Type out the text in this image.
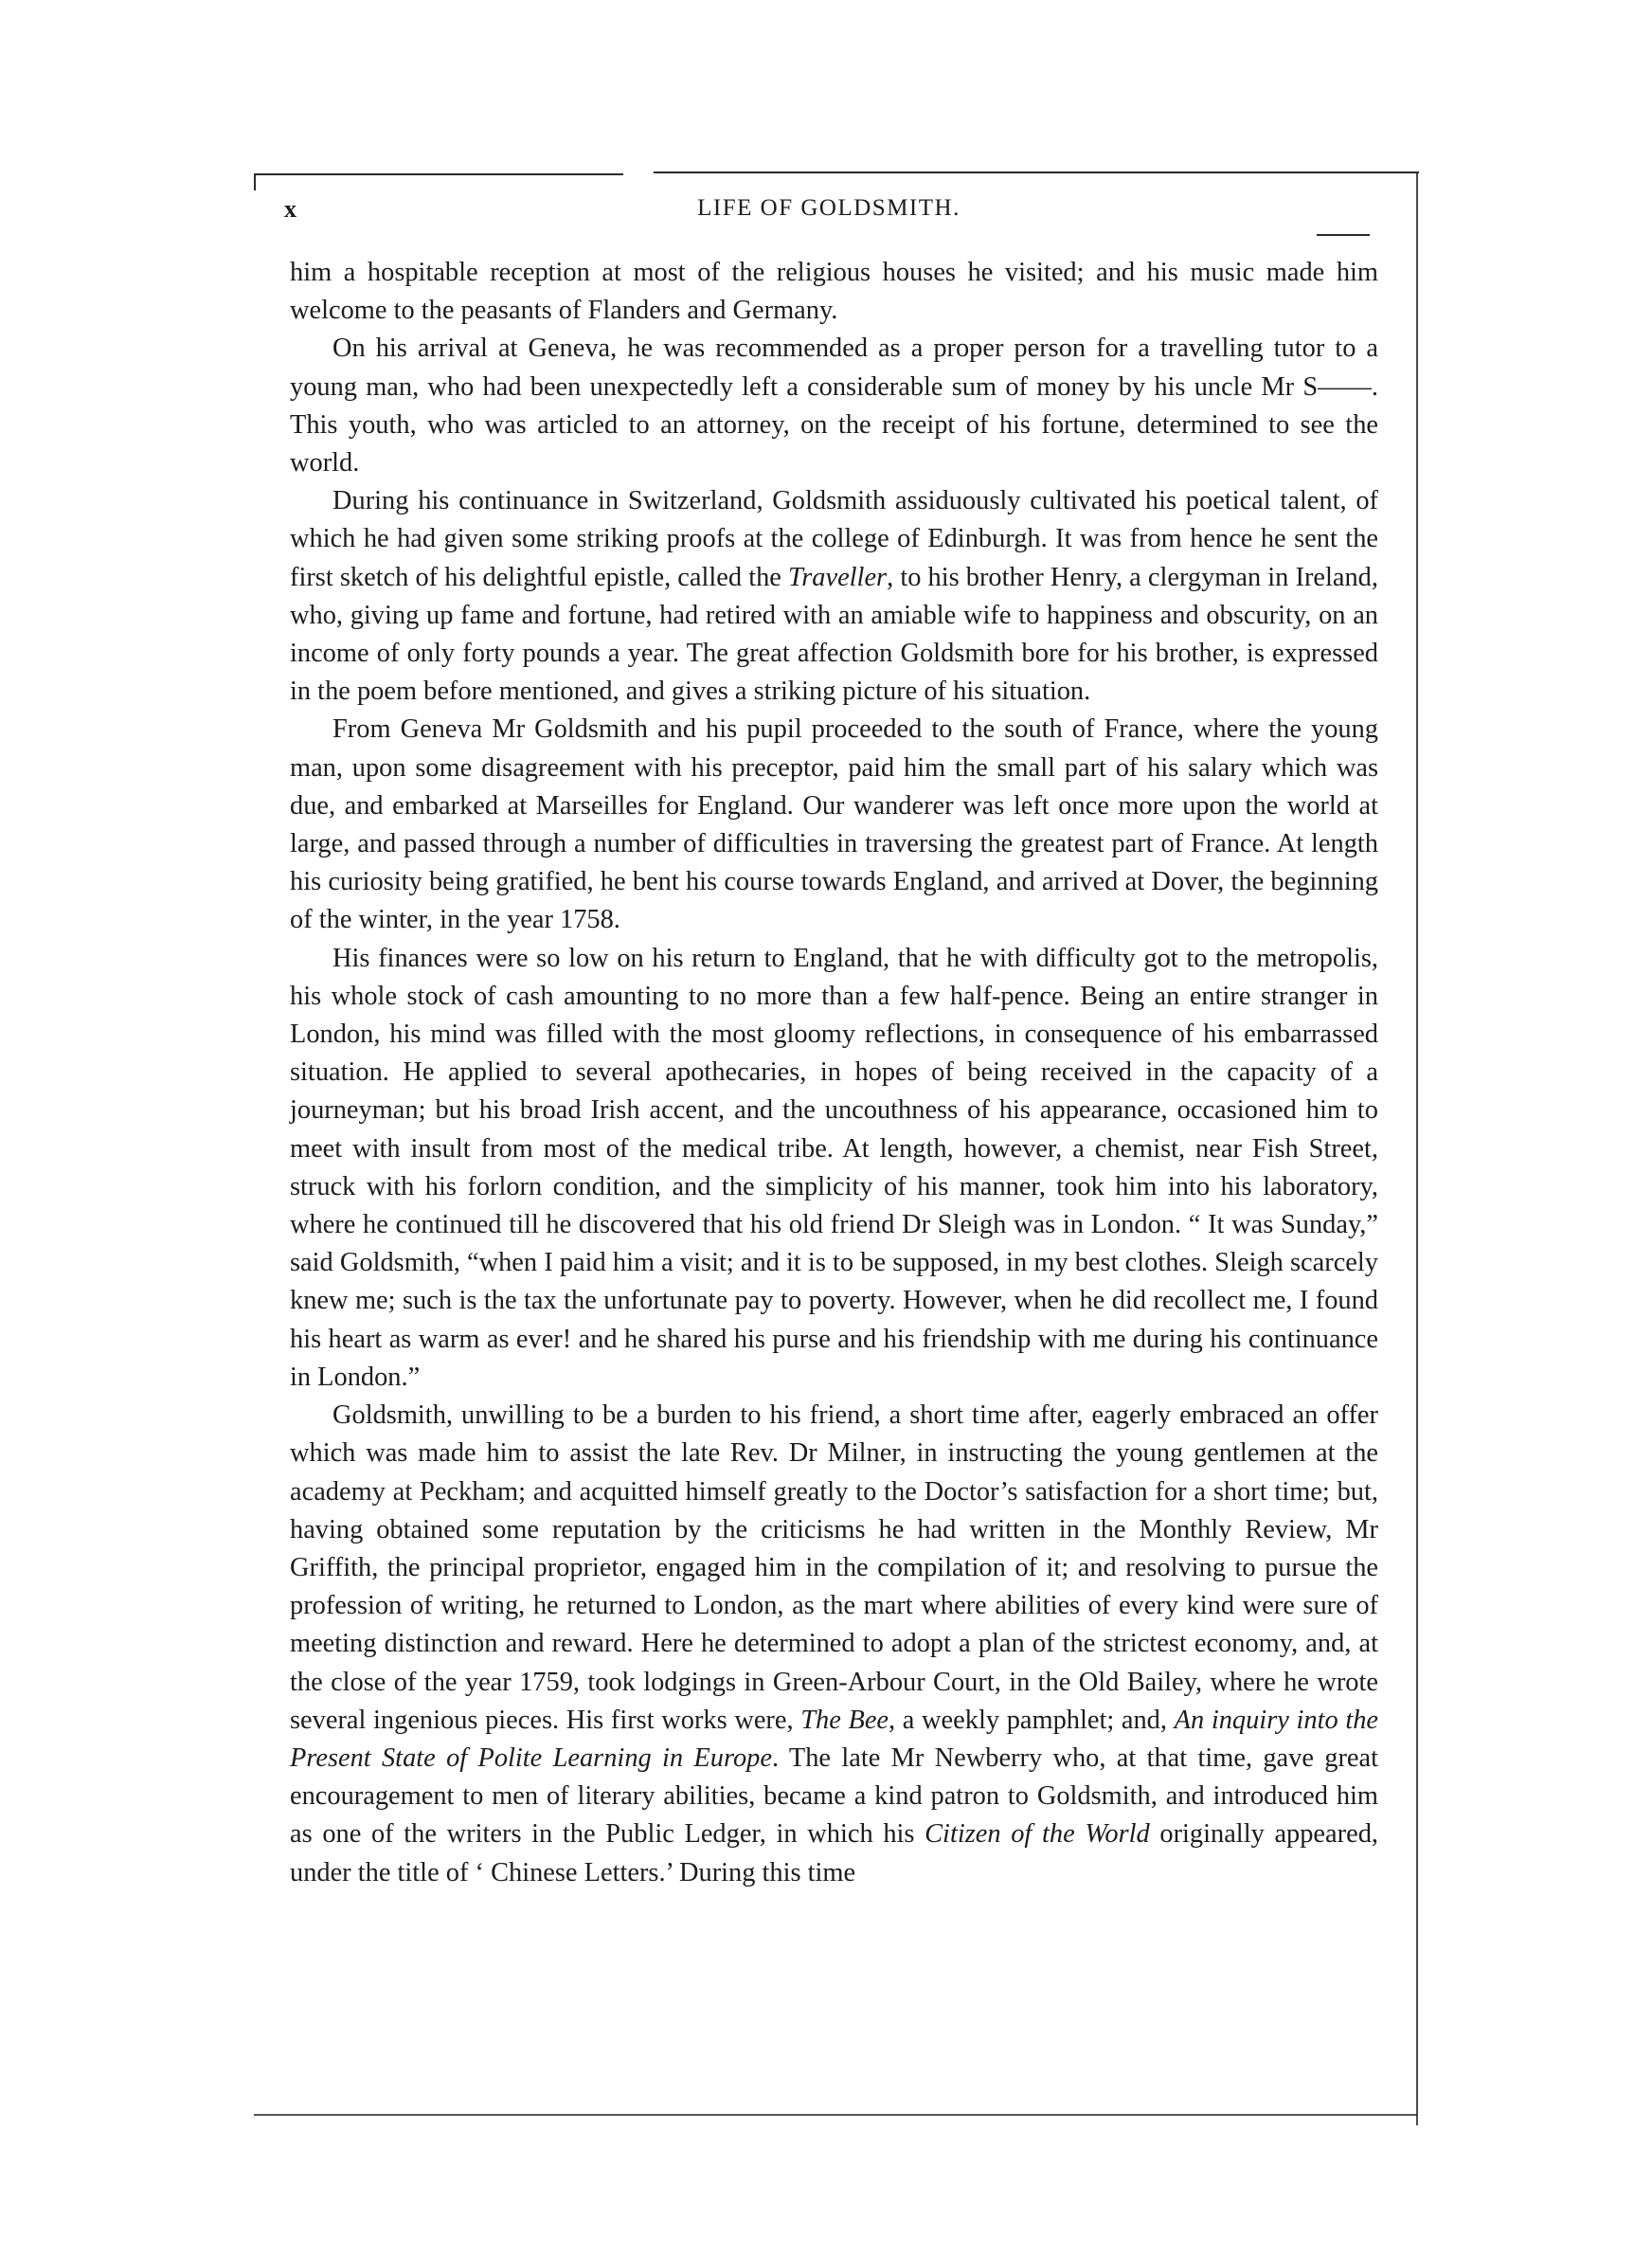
x	LIFE OF GOLDSMITH.

him a hospitable reception at most of the religious houses he visited; and his music made him welcome to the peasants of Flanders and Germany.

On his arrival at Geneva, he was recommended as a proper person for a travelling tutor to a young man, who had been unexpectedly left a considerable sum of money by his uncle Mr S——. This youth, who was articled to an attorney, on the receipt of his fortune, determined to see the world.

During his continuance in Switzerland, Goldsmith assiduously cultivated his poetical talent, of which he had given some striking proofs at the college of Edinburgh. It was from hence he sent the first sketch of his delightful epistle, called the Traveller, to his brother Henry, a clergyman in Ireland, who, giving up fame and fortune, had retired with an amiable wife to happiness and obscurity, on an income of only forty pounds a year. The great affection Goldsmith bore for his brother, is expressed in the poem before mentioned, and gives a striking picture of his situation.

From Geneva Mr Goldsmith and his pupil proceeded to the south of France, where the young man, upon some disagreement with his preceptor, paid him the small part of his salary which was due, and embarked at Marseilles for England. Our wanderer was left once more upon the world at large, and passed through a number of difficulties in traversing the greatest part of France. At length his curiosity being gratified, he bent his course towards England, and arrived at Dover, the beginning of the winter, in the year 1758.

His finances were so low on his return to England, that he with difficulty got to the metropolis, his whole stock of cash amounting to no more than a few half-pence. Being an entire stranger in London, his mind was filled with the most gloomy reflections, in consequence of his embarrassed situation. He applied to several apothecaries, in hopes of being received in the capacity of a journeyman; but his broad Irish accent, and the uncouthness of his appearance, occasioned him to meet with insult from most of the medical tribe. At length, however, a chemist, near Fish Street, struck with his forlorn condition, and the simplicity of his manner, took him into his laboratory, where he continued till he discovered that his old friend Dr Sleigh was in London. “ It was Sunday,” said Goldsmith, “when I paid him a visit; and it is to be supposed, in my best clothes. Sleigh scarcely knew me; such is the tax the unfortunate pay to poverty. However, when he did recollect me, I found his heart as warm as ever! and he shared his purse and his friendship with me during his continuance in London.”

Goldsmith, unwilling to be a burden to his friend, a short time after, eagerly embraced an offer which was made him to assist the late Rev. Dr Milner, in instructing the young gentlemen at the academy at Peckham; and acquitted himself greatly to the Doctor’s satisfaction for a short time; but, having obtained some reputation by the criticisms he had written in the Monthly Review, Mr Griffith, the principal proprietor, engaged him in the compilation of it; and resolving to pursue the profession of writing, he returned to London, as the mart where abilities of every kind were sure of meeting distinction and reward. Here he determined to adopt a plan of the strictest economy, and, at the close of the year 1759, took lodgings in Green-Arbour Court, in the Old Bailey, where he wrote several ingenious pieces. His first works were, The Bee, a weekly pamphlet; and, An inquiry into the Present State of Polite Learning in Europe. The late Mr Newberry who, at that time, gave great encouragement to men of literary abilities, became a kind patron to Goldsmith, and introduced him as one of the writers in the Public Ledger, in which his Citizen of the World originally appeared, under the title of ‘ Chinese Letters.’ During this time
